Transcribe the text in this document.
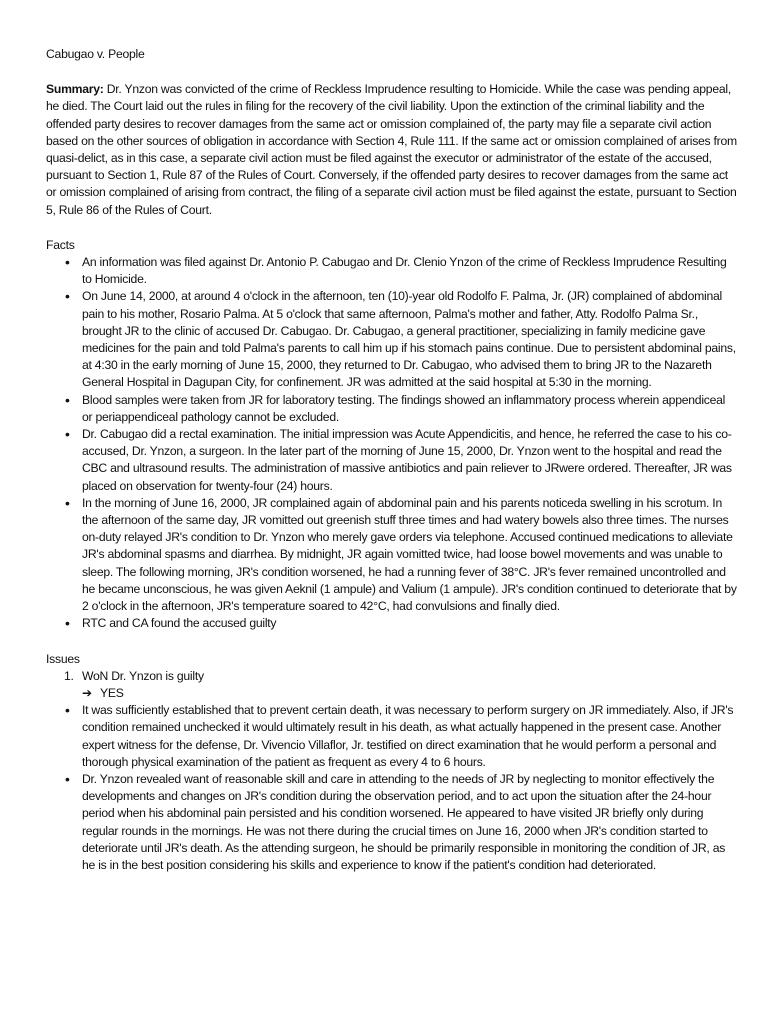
Cabugao v. People
Summary: Dr. Ynzon was convicted of the crime of Reckless Imprudence resulting to Homicide. While the case was pending appeal, he died. The Court laid out the rules in filing for the recovery of the civil liability. Upon the extinction of the criminal liability and the offended party desires to recover damages from the same act or omission complained of, the party may file a separate civil action based on the other sources of obligation in accordance with Section 4, Rule 111. If the same act or omission complained of arises from quasi-delict, as in this case, a separate civil action must be filed against the executor or administrator of the estate of the accused, pursuant to Section 1, Rule 87 of the Rules of Court. Conversely, if the offended party desires to recover damages from the same act or omission complained of arising from contract, the filing of a separate civil action must be filed against the estate, pursuant to Section 5, Rule 86 of the Rules of Court.
Facts
• An information was filed against Dr. Antonio P. Cabugao and Dr. Clenio Ynzon of the crime of Reckless Imprudence Resulting to Homicide.
• On June 14, 2000, at around 4 o'clock in the afternoon, ten (10)-year old Rodolfo F. Palma, Jr. (JR) complained of abdominal pain to his mother, Rosario Palma. At 5 o'clock that same afternoon, Palma's mother and father, Atty. Rodolfo Palma Sr., brought JR to the clinic of accused Dr. Cabugao. Dr. Cabugao, a general practitioner, specializing in family medicine gave medicines for the pain and told Palma's parents to call him up if his stomach pains continue. Due to persistent abdominal pains, at 4:30 in the early morning of June 15, 2000, they returned to Dr. Cabugao, who advised them to bring JR to the Nazareth General Hospital in Dagupan City, for confinement. JR was admitted at the said hospital at 5:30 in the morning.
• Blood samples were taken from JR for laboratory testing. The findings showed an inflammatory process wherein appendiceal or periappendiceal pathology cannot be excluded.
• Dr. Cabugao did a rectal examination. The initial impression was Acute Appendicitis, and hence, he referred the case to his co-accused, Dr. Ynzon, a surgeon. In the later part of the morning of June 15, 2000, Dr. Ynzon went to the hospital and read the CBC and ultrasound results. The administration of massive antibiotics and pain reliever to JRwere ordered. Thereafter, JR was placed on observation for twenty-four (24) hours.
• In the morning of June 16, 2000, JR complained again of abdominal pain and his parents noticeda swelling in his scrotum. In the afternoon of the same day, JR vomitted out greenish stuff three times and had watery bowels also three times. The nurses on-duty relayed JR's condition to Dr. Ynzon who merely gave orders via telephone. Accused continued medications to alleviate JR's abdominal spasms and diarrhea. By midnight, JR again vomitted twice, had loose bowel movements and was unable to sleep. The following morning, JR's condition worsened, he had a running fever of 38°C. JR's fever remained uncontrolled and he became unconscious, he was given Aeknil (1 ampule) and Valium (1 ampule). JR's condition continued to deteriorate that by 2 o'clock in the afternoon, JR's temperature soared to 42°C, had convulsions and finally died.
• RTC and CA found the accused guilty
Issues
1. WoN Dr. Ynzon is guilty
➔ YES
• It was sufficiently established that to prevent certain death, it was necessary to perform surgery on JR immediately. Also, if JR's condition remained unchecked it would ultimately result in his death, as what actually happened in the present case. Another expert witness for the defense, Dr. Vivencio Villaflor, Jr. testified on direct examination that he would perform a personal and thorough physical examination of the patient as frequent as every 4 to 6 hours.
• Dr. Ynzon revealed want of reasonable skill and care in attending to the needs of JR by neglecting to monitor effectively the developments and changes on JR's condition during the observation period, and to act upon the situation after the 24-hour period when his abdominal pain persisted and his condition worsened. He appeared to have visited JR briefly only during regular rounds in the mornings. He was not there during the crucial times on June 16, 2000 when JR's condition started to deteriorate until JR's death. As the attending surgeon, he should be primarily responsible in monitoring the condition of JR, as he is in the best position considering his skills and experience to know if the patient's condition had deteriorated.
